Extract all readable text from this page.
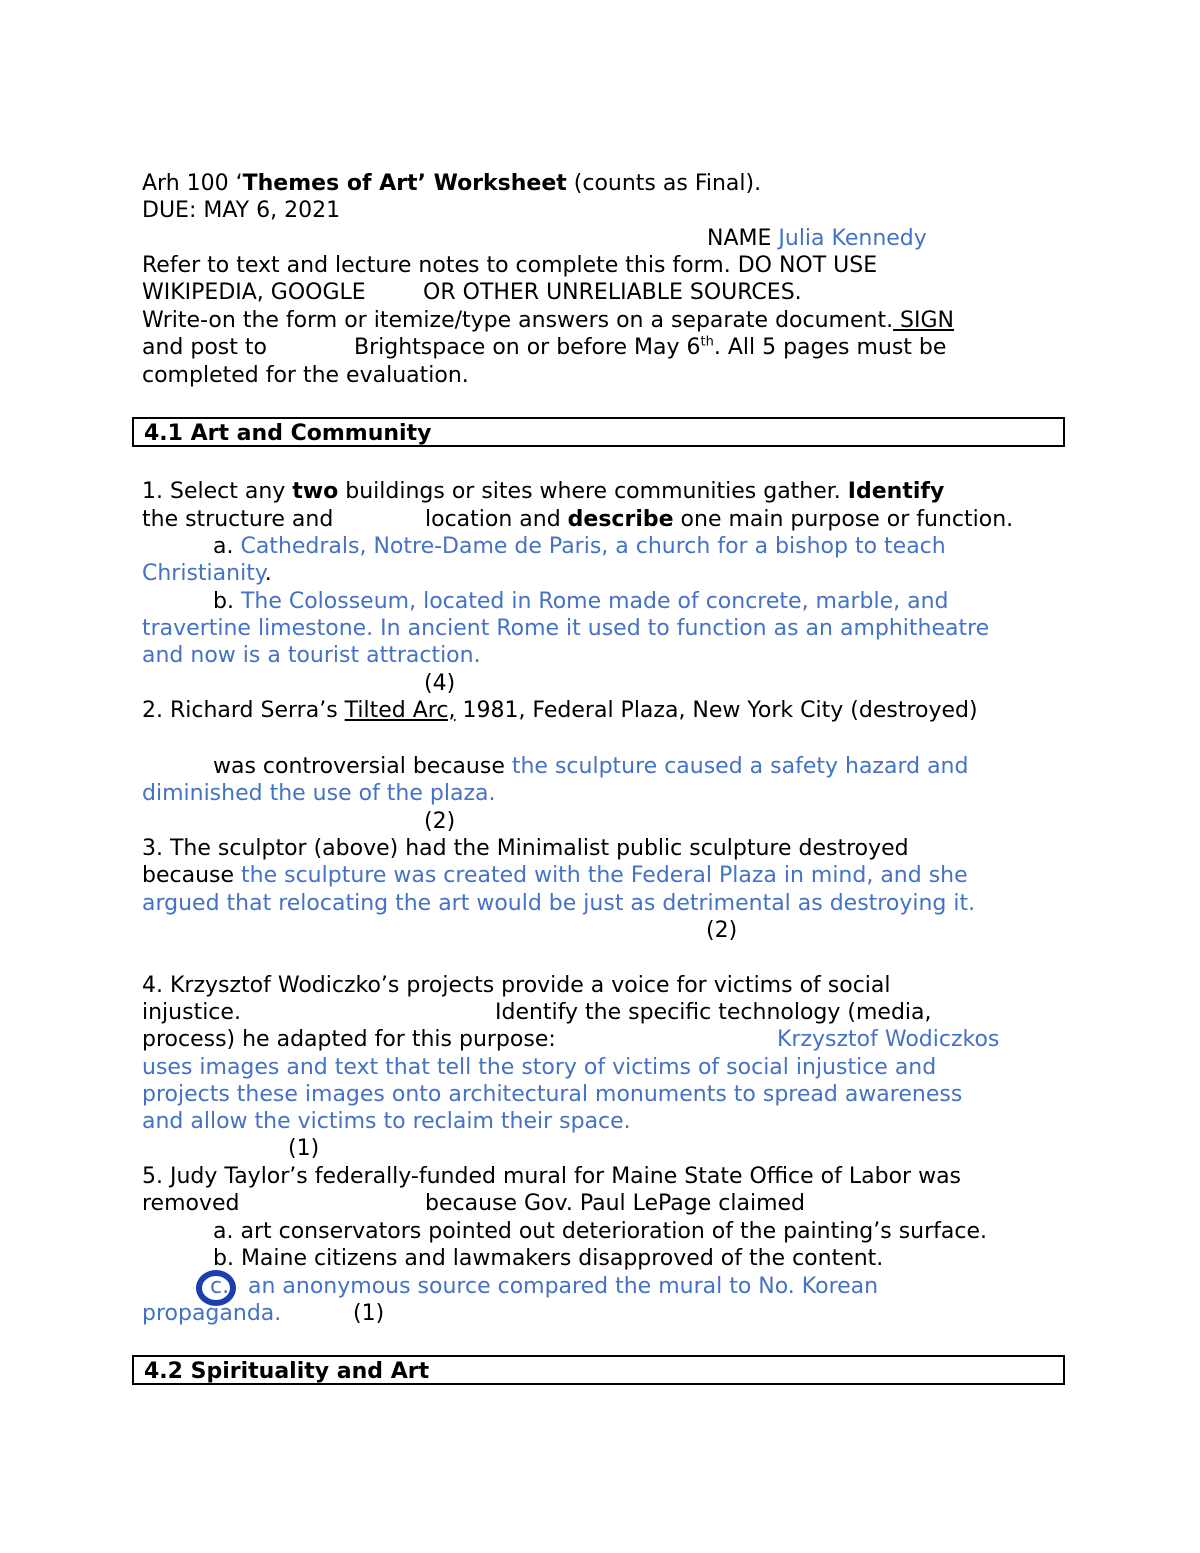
Arh 100 ‘Themes of Art’ Worksheet (counts as Final).
DUE: MAY 6, 2021
NAME Julia Kennedy
Refer to text and lecture notes to complete this form. DO NOT USE
WIKIPEDIA, GOOGLE	OR OTHER UNRELIABLE SOURCES.
Write-on the form or itemize/type answers on a separate document. SIGN
and post to	Brightspace on or before May 6th. All 5 pages must be
completed for the evaluation.
4.1 Art and Community
1. Select any two buildings or sites where communities gather. Identify
the structure and	location and describe one main purpose or function.
a. Cathedrals, Notre-Dame de Paris, a church for a bishop to teach
Christianity.
b. The Colosseum, located in Rome made of concrete, marble, and
travertine limestone. In ancient Rome it used to function as an amphitheatre
and now is a tourist attraction.
(4)
2. Richard Serra’s Tilted Arc, 1981, Federal Plaza, New York City (destroyed)
was controversial because the sculpture caused a safety hazard and
diminished the use of the plaza.
(2)
3. The sculptor (above) had the Minimalist public sculpture destroyed
because the sculpture was created with the Federal Plaza in mind, and she
argued that relocating the art would be just as detrimental as destroying it.
(2)
4. Krzysztof Wodiczko’s projects provide a voice for victims of social
injustice.	Identify the specific technology (media,
process) he adapted for this purpose:	Krzysztof Wodiczkos
uses images and text that tell the story of victims of social injustice and
projects these images onto architectural monuments to spread awareness
and allow the victims to reclaim their space.
(1)
5. Judy Taylor’s federally-funded mural for Maine State Office of Labor was
removed	because Gov. Paul LePage claimed
a. art conservators pointed out deterioration of the painting’s surface.
b. Maine citizens and lawmakers disapproved of the content.
c. an anonymous source compared the mural to No. Korean
propaganda.	(1)
4.2 Spirituality and Art
